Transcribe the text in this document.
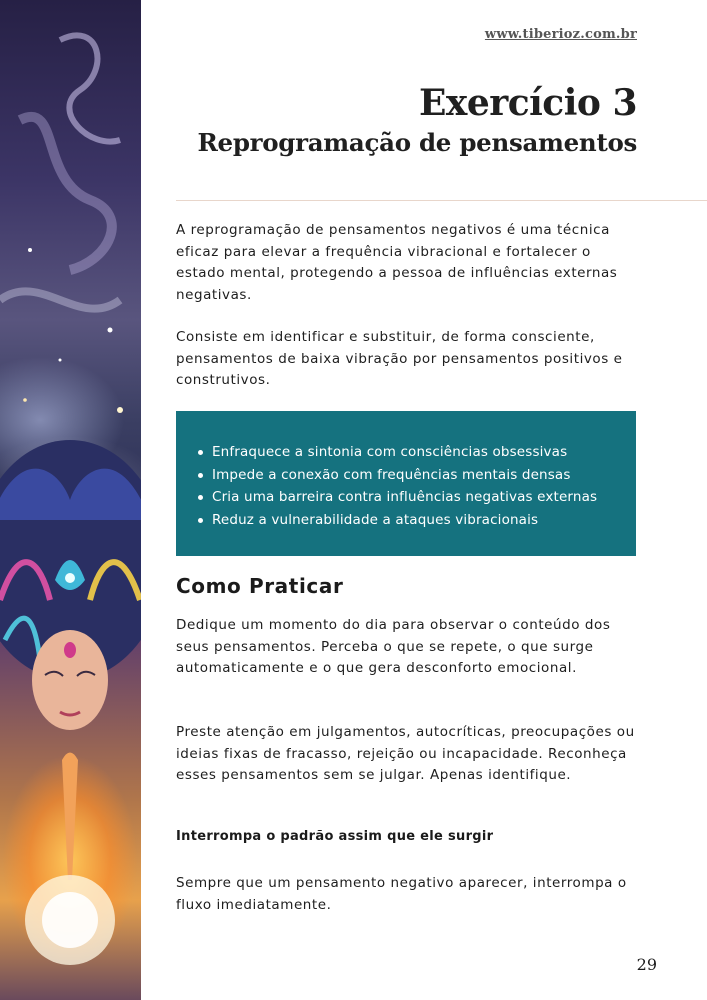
www.tiberioz.com.br
Exercício 3
Reprogramação de pensamentos

A reprogramação de pensamentos negativos é uma técnica eficaz para elevar a frequência vibracional e fortalecer o estado mental, protegendo a pessoa de influências externas negativas.

Consiste em identificar e substituir, de forma consciente, pensamentos de baixa vibração por pensamentos positivos e construtivos.

Enfraquece a sintonia com consciências obsessivas
Impede a conexão com frequências mentais densas
Cria uma barreira contra influências negativas externas
Reduz a vulnerabilidade a ataques vibracionais
Como Praticar

Dedique um momento do dia para observar o conteúdo dos seus pensamentos. Perceba o que se repete, o que surge automaticamente e o que gera desconforto emocional.

Preste atenção em julgamentos, autocríticas, preocupações ou ideias fixas de fracasso, rejeição ou incapacidade. Reconheça esses pensamentos sem se julgar. Apenas identifique.

Interrompa o padrão assim que ele surgir

Sempre que um pensamento negativo aparecer, interrompa o fluxo imediatamente.

29
